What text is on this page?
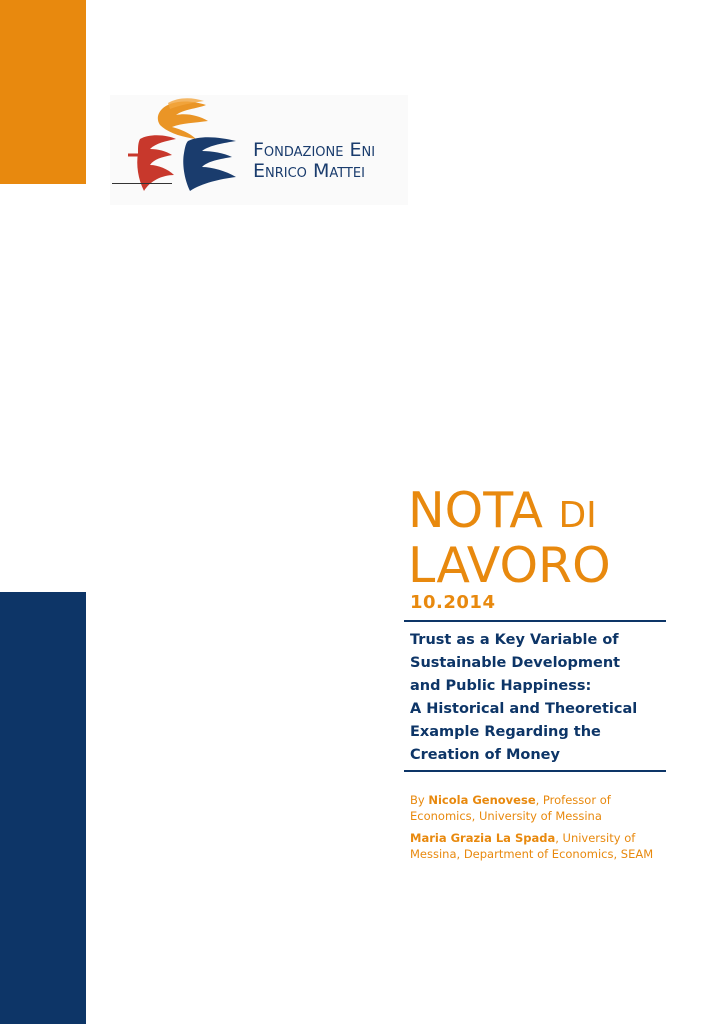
Fondazione Eni
Enrico Mattei
NOTA DI
LAVORO
10.2014
Trust as a Key Variable of
Sustainable Development
and Public Happiness:
A Historical and Theoretical
Example Regarding the
Creation of Money
By Nicola Genovese, Professor of Economics, University of Messina
Maria Grazia La Spada, University of Messina, Department of Economics, SEAM
